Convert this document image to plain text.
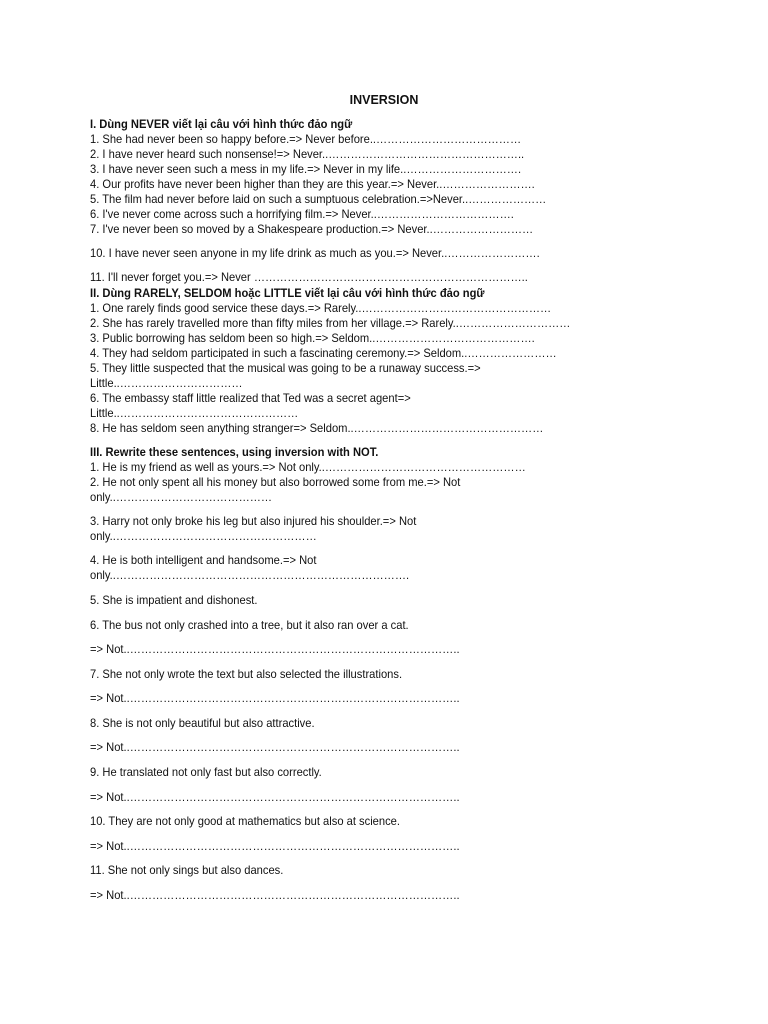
INVERSION
I. Dùng NEVER viết lại câu với hình thức đảo ngữ
1. She had never been so happy before.=> Never before..…………………………………
2. I have never heard such nonsense!=> Never..……………………………………………..
3. I have never seen such a mess in my life.=> Never in my life..………………………….
4. Our profits have never been higher than they are this year.=> Never..…………………….
5. The film had never before laid on such a sumptuous celebration.=>Never..…………………
6. I've never come across such a horrifying film.=> Never..……………………………….
7. I've never been so moved by a Shakespeare production.=> Never..………………………
10. I have never seen anyone in my life drink as much as you.=> Never..…………………….
11. I'll never forget you.=> Never ………………………………………………………………..
II. Dùng RARELY, SELDOM hoặc LITTLE viết lại câu với hình thức đảo ngữ
1. One rarely finds good service these days.=> Rarely..……………………………………………
2. She has rarely travelled more than fifty miles from her village.=> Rarely..…………………………
3. Public borrowing has seldom been so high.=> Seldom..…………………………………….
4. They had seldom participated in such a fascinating ceremony.=> Seldom..……………………
5. They little suspected that the musical was going to be a runaway success.=>
Little..……………………………
6. The embassy staff little realized that Ted was a secret agent=>
Little..…………………………………………
8. He has seldom seen anything stranger=> Seldom..……………………………………………
III. Rewrite these sentences, using inversion with NOT.
1. He is my friend as well as yours.=> Not only..………………………………………………
2. He not only spent all his money but also borrowed some from me.=> Not
only..……………………………………
3. Harry not only broke his leg but also injured his shoulder.=> Not
only..………………………………………………
4. He is both intelligent and handsome.=> Not
only..…………………………………………………………………….
5. She is impatient and dishonest.
6. The bus not only crashed into a tree, but it also ran over a cat.
=> Not..……………………………………………………………………………..
7. She not only wrote the text but also selected the illustrations.
=> Not..……………………………………………………………………………..
8. She is not only beautiful but also attractive.
=> Not..……………………………………………………………………………..
9. He translated not only fast but also correctly.
=> Not..……………………………………………………………………………..
10. They are not only good at mathematics but also at science.
=> Not..……………………………………………………………………………..
11. She not only sings but also dances.
=> Not..……………………………………………………………………………..
